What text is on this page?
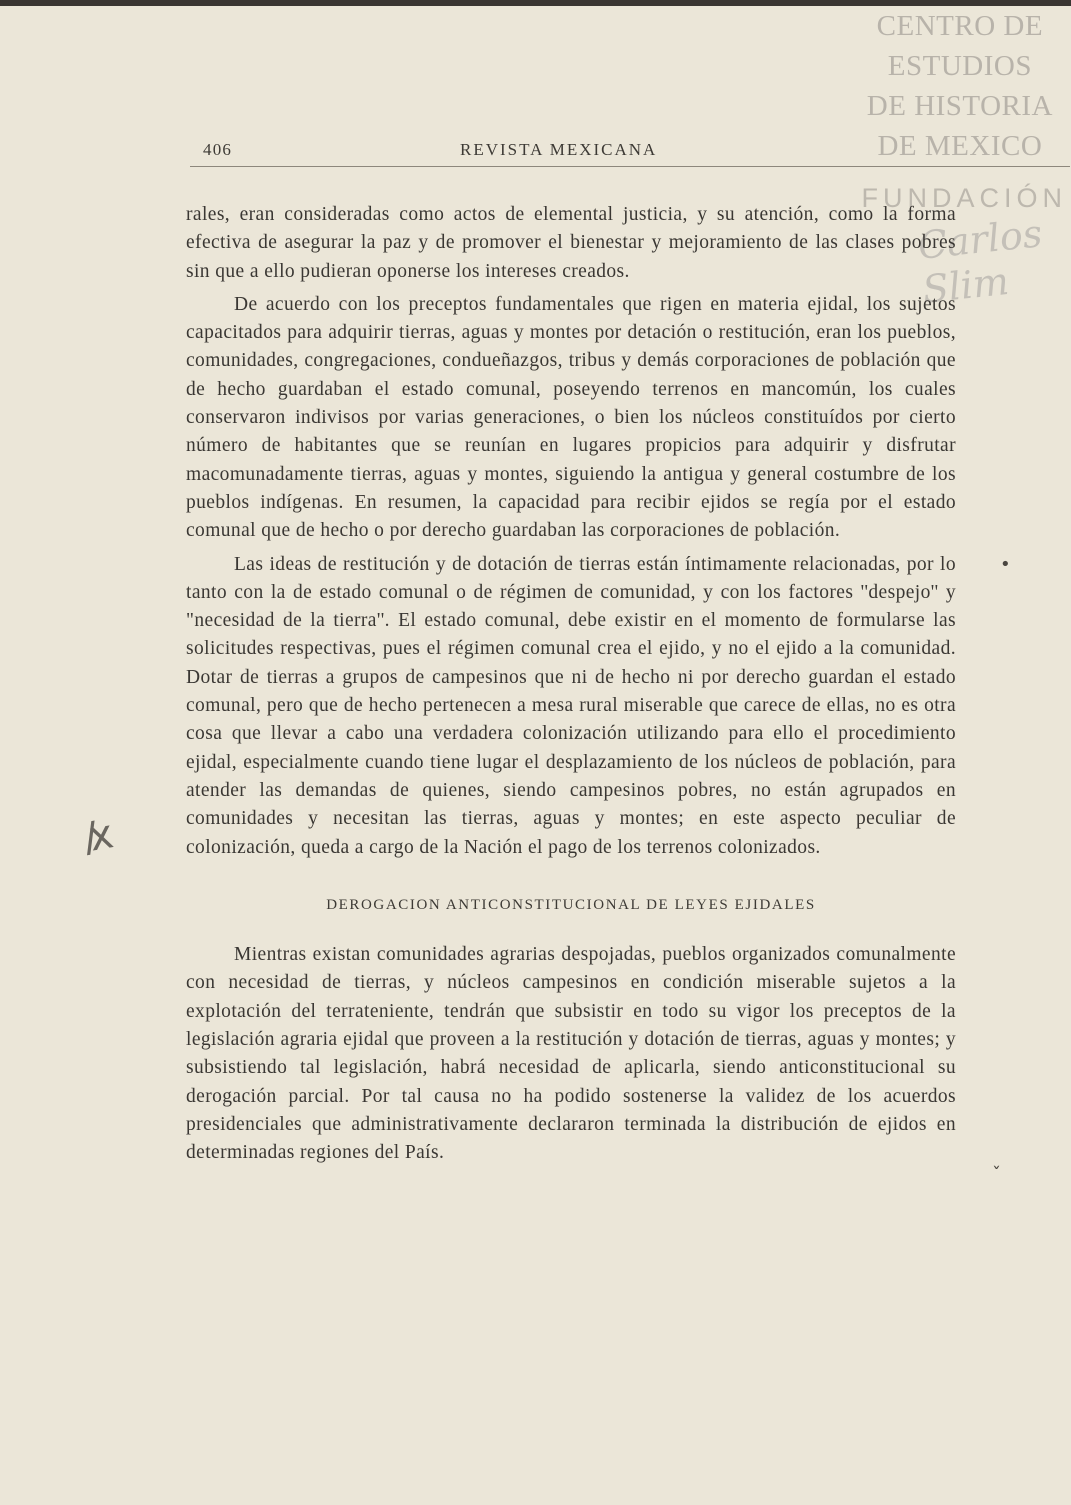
CENTRO DE
ESTUDIOS
DE HISTORIA
DE MEXICO
FUNDACIÓN
Carlos Slim
406	REVISTA MEXICANA
/x
•
ˇ

rales, eran consideradas como actos de elemental justicia, y su atención, como la forma efectiva de asegurar la paz y de promover el bienestar y mejoramiento de las clases pobres sin que a ello pudieran oponerse los intereses creados.

De acuerdo con los preceptos fundamentales que rigen en materia ejidal, los sujetos capacitados para adquirir tierras, aguas y montes por detación o restitución, eran los pueblos, comunidades, congregaciones, condueñazgos, tribus y demás corporaciones de población que de hecho guardaban el estado comunal, poseyendo terrenos en mancomún, los cuales conservaron indivisos por varias generaciones, o bien los núcleos constituídos por cierto número de habitantes que se reunían en lugares propicios para adquirir y disfrutar macomunadamente tierras, aguas y montes, siguiendo la antigua y general costumbre de los pueblos indígenas. En resumen, la capacidad para recibir ejidos se regía por el estado comunal que de hecho o por derecho guardaban las corporaciones de población.

Las ideas de restitución y de dotación de tierras están íntimamente relacionadas, por lo tanto con la de estado comunal o de régimen de comunidad, y con los factores ''despejo'' y "necesidad de la tierra''. El estado comunal, debe existir en el momento de formularse las solicitudes respectivas, pues el régimen comunal crea el ejido, y no el ejido a la comunidad. Dotar de tierras a grupos de campesinos que ni de hecho ni por derecho guardan el estado comunal, pero que de hecho pertenecen a mesa rural miserable que carece de ellas, no es otra cosa que llevar a cabo una verdadera colonización utilizando para ello el procedimiento ejidal, especialmente cuando tiene lugar el desplazamiento de los núcleos de población, para atender las demandas de quienes, siendo campesinos pobres, no están agrupados en comunidades y necesitan las tierras, aguas y montes; en este aspecto peculiar de colonización, queda a cargo de la Nación el pago de los terrenos colonizados.

DEROGACION ANTICONSTITUCIONAL DE LEYES EJIDALES

Mientras existan comunidades agrarias despojadas, pueblos organizados comunalmente con necesidad de tierras, y núcleos campesinos en condición miserable sujetos a la explotación del terrateniente, tendrán que subsistir en todo su vigor los preceptos de la legislación agraria ejidal que proveen a la restitución y dotación de tierras, aguas y montes; y subsistiendo tal legislación, habrá necesidad de aplicarla, siendo anticonstitucional su derogación parcial. Por tal causa no ha podido sostenerse la validez de los acuerdos presidenciales que administrativamente declararon terminada la distribución de ejidos en determinadas regiones del País.
